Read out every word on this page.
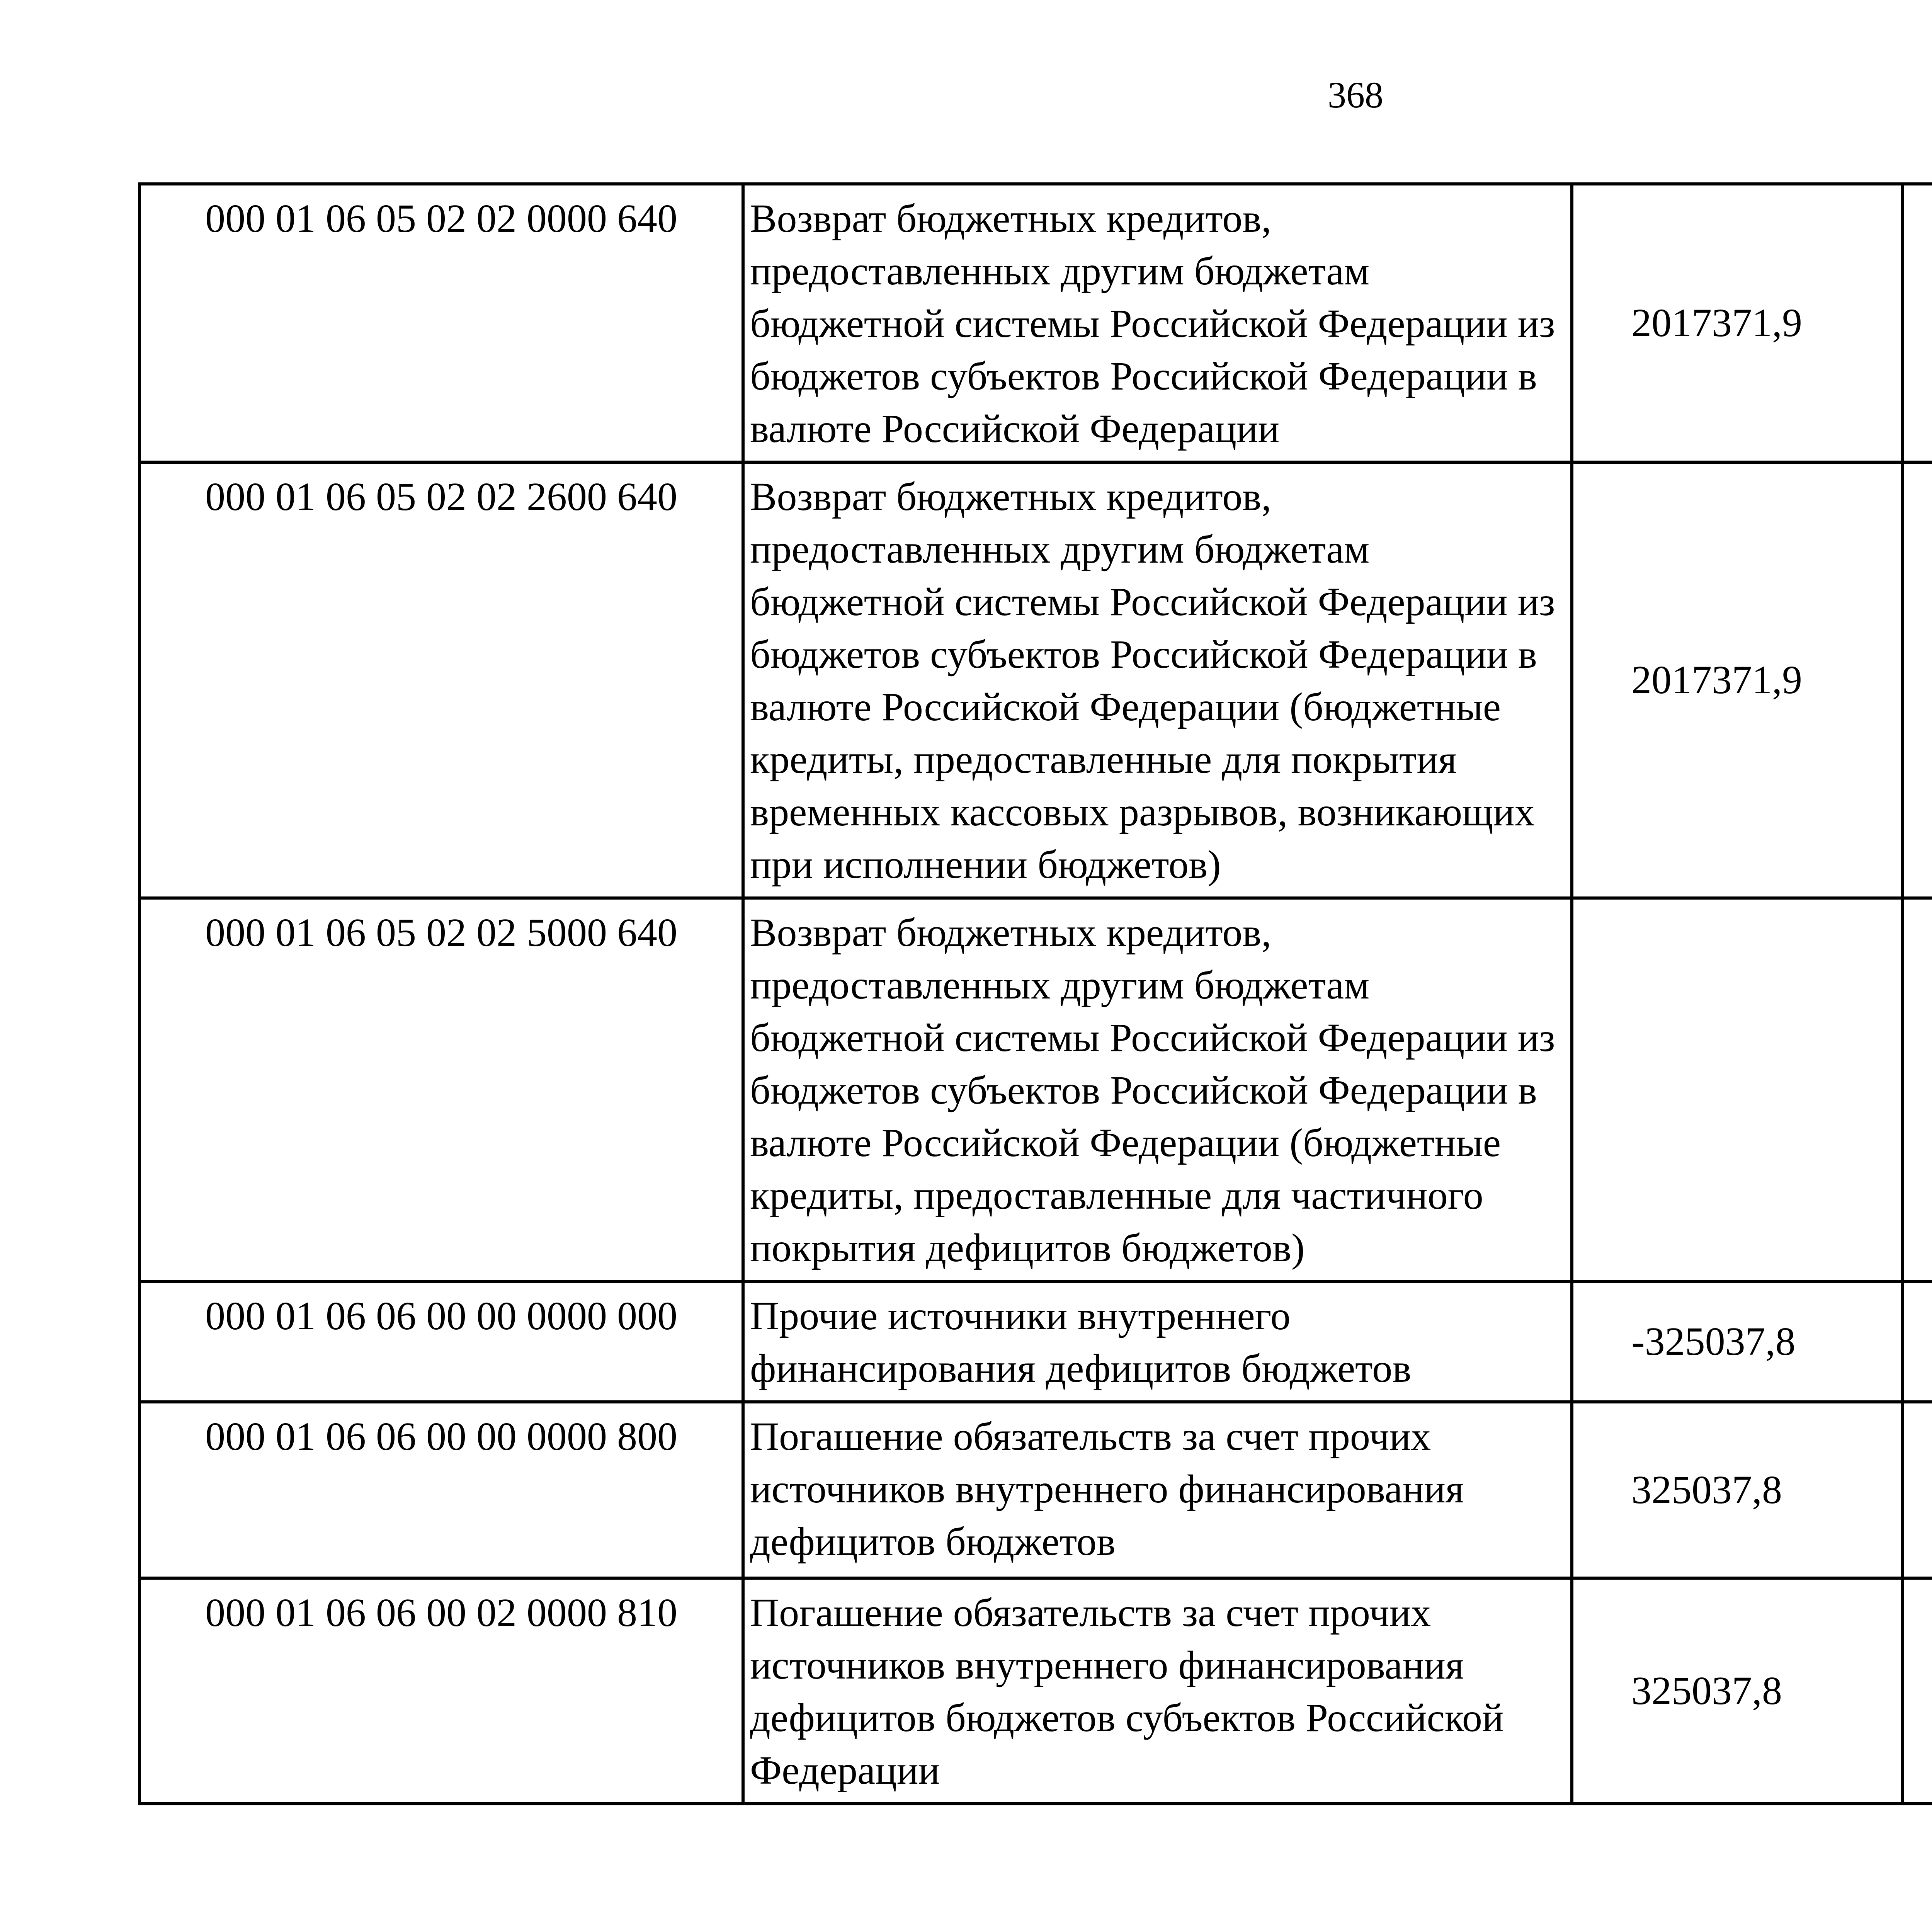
368
000 01 06 05 02 02 0000 640	Возврат бюджетных кредитов, предоставленных другим бюджетам бюджетной системы Российской Федерации из бюджетов субъектов Российской Федерации в валюте Российской Федерации	2017371,9		
000 01 06 05 02 02 2600 640	Возврат бюджетных кредитов, предоставленных другим бюджетам бюджетной системы Российской Федерации из бюджетов субъектов Российской Федерации в валюте Российской Федерации (бюджетные кредиты, предоставленные для покрытия временных кассовых разрывов, возникающих при исполнении бюджетов)	2017371,9		
000 01 06 05 02 02 5000 640	Возврат бюджетных кредитов, предоставленных другим бюджетам бюджетной системы Российской Федерации из бюджетов субъектов Российской Федерации в валюте Российской Федерации (бюджетные кредиты, предоставленные для частичного покрытия дефицитов бюджетов)			
000 01 06 06 00 00 0000 000	Прочие источники внутреннего финансирования дефицитов бюджетов	-325037,8		
000 01 06 06 00 00 0000 800	Погашение обязательств за счет прочих источников внутреннего финансирования дефицитов бюджетов	325037,8		
000 01 06 06 00 02 0000 810	Погашение обязательств за счет прочих источников внутреннего финансирования дефицитов бюджетов субъектов Российской Федерации	325037,8		
